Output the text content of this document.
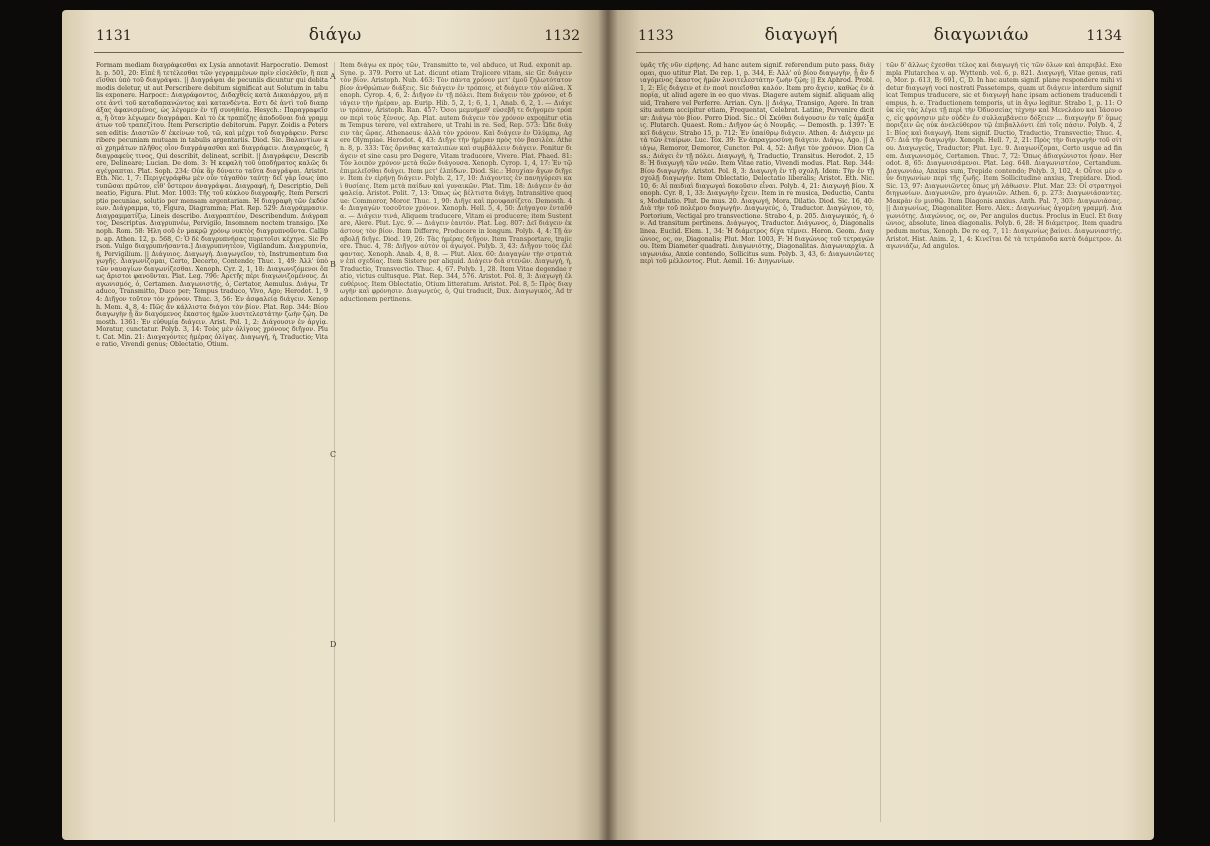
1131	διάγω	1132
Formam mediam διαγράφεσθαι ex Lysia annotavit Harpocratio. Demosth. p. 501, 20: Εἰπέ ἢ τετέλεσθαι τῶν γεγραμμένων πρὶν εἰσελθεῖν, ἢ πεπεῖσθαι ὑπὸ τοῦ διαγράψαι. || Διαγράψαι de pecuniis dicuntur qui debita modis deletur, ut aut Perscribere debitum significat aut Solutum in tabulis exponere. Harpocr.: Διαγράφοντος, Διδαχθείς κατὰ Δικαιάρχου, μή ποτε ἀντὶ τοῦ καταδαπανώντος καὶ κατανδέντα. Εστι δὲ ἀντὶ τοῦ διαπράξας ἀφανισμένος, ὡς λέγομεν ἐν τῇ συνηθείᾳ. Hesych.: Παραγραφεῖσα, ἢ ὅταν λέγωμεν διαγράφαι. Καὶ τὸ ἐκ τραπέζης ἀποδοῦναι διὰ γραμμάτων τοῦ τραπεζίτου. Item Perscriptio debitorum. Papyr. Zoidis a Peterssen editis: Διαστῶν δ' ἐκείνων τοῦ, τῶ, καὶ μέχρι τοῦ διαγράφειν. Perscribere pecuniam mutuam in tabulis argentariis. Diod. Sic. Βαλαντίων καὶ χρημάτων πλῆθος οἷον διαγράψασθαι καὶ διαγράφειν. Διαγραφεὺς, ἢ διαγραφεὺς τινος, Qui describit, delineat, scribit. || Διαγράφειν, Describere, Delineare; Lucian. De dom. 3: Ἡ κεφαλὴ τοῦ ὑποδήματος καλῶς διαγέγραπται. Plat. Soph. 234: Οὐκ ἂν δύναιτο ταῦτα διαγράψαι. Aristot. Eth. Nic. 1, 7: Περιγεγράφθω μὲν οὖν τἀγαθὸν ταύτῃ· δεῖ γὰρ ἴσως ὑποτυπῶσαι πρῶτον, εἶθ' ὕστερον ἀναγράψαι. Διαγραφή, ἡ, Descriptio, Delineatio, Figura. Plut. Mor. 1003: Τῆς τοῦ κύκλου διαγραφῆς. Item Perscriptio pecuniae, solutio per mensam argentariam. Ἡ διαγραφὴ τῶν ἐκδόσεων. Διάγραμμα, τὸ, Figura, Diagramma; Plat. Rep. 529: Διαγράμμασιν. Διαγραμματίζω, Lineis describo. Διαγραπτέον, Describendum. Διάγραπτος, Descriptus. Διαγρυπνέω, Pervigilo, Insomnem noctem transigo. [Xenoph. Rom. 58: Ἡλη σοῦ ἐν μακρῷ χρόνῳ νυκτὸς διαγρυπνοῦντα. Callipp. ap. Athen. 12, p. 568, C: Ὁ δὲ διαγρυπνήσας πυρετοῖσι κέχηνε. Sic Porson. Vulgo διαγρυπνήσαντα.] Διαγρυπνητέον, Vigilandum. Διαγρυπνία, ἡ, Pervigilium. || Διάγυιος. Διαγωγή. Διαγωγεῖον, τὸ, Instrumentum διαγωγῆς. Διαγωνίζομαι, Certo, Decerto, Contendo; Thuc. 1, 49: Ἀλλ' ὑπὸ τῶν ναυαγίων διαγωνίζεσθαι. Xenoph. Cyr. 2, 1, 18: Διαγωνιζόμενοι ὅπως ἄριστοι φανοῦνται. Plat. Leg. 796: Ἀρετῆς πέρι διαγωνιζομένους. Διαγωνισμός, ὁ, Certamen. Διαγωνιστής, ὁ, Certator, Aemulus. Διάγω, Traduco, Transmitto, Duco per; Tempus traduco, Vivo, Ago; Herodot. 1, 94: Διῆγον τοῦτον τὸν χρόνον. Thuc. 3, 56: Ἐν ἀσφαλείᾳ διάγειν. Xenoph. Mem. 4, 8, 4: Πῶς ἂν κάλλιστα διάγοι τὸν βίον. Plat. Rep. 344: Βίου διαγωγὴν ᾗ ἂν διαγόμενος ἕκαστος ἡμῶν λυσιτελεστάτην ζωὴν ζῴη. Demosth. 1361: Ἐν εὐθυμίᾳ διάγειν. Arist. Pol. 1, 2: Διάγουσιν ἐν ἀργίᾳ. Moratur, cunctatur. Polyb. 3, 14: Τοὺς μὲν ὀλίγους χρόνους διῆγον. Plut. Cat. Min. 21: Διαγαγόντες ἡμέρας ὀλίγας. Διαγωγή, ἡ, Traductio; Vitae ratio, Vivendi genus; Oblectatio, Otium.
A
B
C
D
Item διάγω ex πρὸς τῶν, Transmitto te, vel abduco, ut Rud. exponit ap. Syne. p. 379. Porro ut Lat. dicunt etiam Trajicere vitam, sic Gr. διάγειν τὸν βίον. Aristoph. Nub. 463: Τὸν πάντα χρόνον μετ' ἐμοῦ ζηλωτότατον βίον ἀνθρώπων διάξεις. Sic διάγειν ἐν τρόποις, et διάγειν τὸν αἰῶνα. Xenoph. Cyrop. 4, 6, 2: Διῆγον ἐν τῇ πόλει. Item διάγειν τὸν χρόνον, et διάγειν τὴν ἡμέραν, ap. Eurip. Hib. 5, 2, 1; 6, 1, 1, Anab. 6, 2, 1. — Διάγειν τρόπον, Aristoph. Ran. 457: Ὅσοι μεμυήμεθ' εὐσεβῆ τε διήγομεν τρόπον περὶ τοὺς ξένους. Ap. Plat. autem διάγειν τὸν χρόνον exponitur etiam Tempus terere, vel extrahere, ut Trahi in re. Sed, Rep. 573: Ὧδε διάγειν τὰς ὥρας. Athenaeus: ἀλλὰ τὸν χρόνον. Καὶ διάγειν ἐν Ὀλύμπῳ, Agere Olympiae. Herodot. 4, 43: Διῆγε τὴν ἡμέραν πρὸς τὸν βασιλέα. Athen. 8, p. 333: Τὰς ὄρνιθας καταλιπὼν καὶ συμβάλλειν διάγειν. Ponitur διάγειν et sine casu pro Degere, Vitam traducere, Vivere. Plat. Phaed. 81: Τὸν λοιπὸν χρόνον μετὰ θεῶν διάγουσα. Xenoph. Cyrop. 1, 4, 17: Ἐν τῷ ἐπιμελεῖσθαι διάγει. Item μετ' ἐλπίδων. Diod. Sic.: Ἡσυχίαν ἄγων διῆγεν. Item ἐν εἰρήνῃ διάγειν. Polyb. 2, 17, 10: Διάγοντες ἐν πανηγύρεσι καὶ θυσίαις. Item μετὰ παίδων καὶ γυναικῶν. Plat. Tim. 18: Διάγειν ἐν ἀσφαλείᾳ. Aristot. Polit. 7, 13: Ὅπως ὡς βέλτιστα διάγῃ. Intransitive quoque: Commoror, Moror. Thuc. 1, 90: Διῆγε καὶ προυφασίζετο. Demosth. 44: Διαγαγὼν τοσοῦτον χρόνον. Xenoph. Hell. 5, 4, 50: Διήγαγον ἐνταῦθα. — Διάγειν τινά, Aliquem traducere, Vitam ei producere; item Sustentare, Alere. Plut. Lyc. 9. — Διάγειν ἑαυτόν. Plat. Leg. 807: Δεῖ διάγειν ἑκάστους τὸν βίον. Item Differre, Producere in longum. Polyb. 4, 4: Τῇ ἀναβολῇ διῆγε. Diod. 19, 26: Τὰς ἡμέρας διῆγον. Item Transportare, trajicere. Thuc. 4, 78: Διῆγον αὐτὸν οἱ ἀγωγοί. Polyb. 3, 43: Διῆγον τοὺς ἐλέφαντας. Xenoph. Anab. 4, 8, 8. — Plut. Alex. 60: Διαγαγὼν τὴν στρατιὰν ἐπὶ σχεδίας. Item Sistere per aliquid. Διάγειν διὰ στενῶν. Διαγωγή, ἡ, Traductio, Transvectio. Thuc. 4, 67. Polyb. 1, 28. Item Vitae degendae ratio, victus cultusque. Plat. Rep. 344, 576. Aristot. Pol. 8, 3: Διαγωγὴ ἐλευθέριος. Item Oblectatio, Otium litteratum. Aristot. Pol. 8, 5: Πρὸς διαγωγὴν καὶ φρόνησιν. Διαγωγεύς, ὁ, Qui traducit, Dux. Διαγωγικός, Ad traductionem pertinens.
1133	διαγωγή	διαγωνιάω	1134
ὑμᾶς τῆς νῦν εἰρήνης. Ad hanc autem signif. referendum puto pass. διάγομαι, quo utitur Plat. De rep. 1, p. 344, E: Ἀλλ' οὐ βίου διαγωγὴν, ᾗ ἂν διαγόμενος ἕκαστος ἡμῶν λυσιτελεστάτην ζωὴν ζῴη; || Ex Aphrod. Probl. 1, 2: Εἰς διάγειν et ἐν ποσὶ ποιεῖσθαι καλόν. Item pro ἄγειν, καθὼς ἐν ἀπορίᾳ, ut aliud agere in eo quo vivas. Diagere autem signif. aliquam aliquid, Trahere vel Perferre. Arrian. Cyn. || Διάγω, Transigo, Agere. In transitu autem accipitur etiam, Frequentat, Celebrat. Latine, Pervenire dicitur: Διάγω τὸν βίον. Porro Diod. Sic.: Οἱ Σκύθαι διάγουσιν ἐν ταῖς ἁμάξαις. Plutarch. Quaest. Rom.: Διῆγον ὡς ὁ Νουμᾶς. — Demosth. p. 1397: Ἐκεῖ διάγειν. Strabo 15, p. 712: Ἐν ὑπαίθρῳ διάγειν. Athen. 4: Διάγειν μετὰ τῶν ἑταίρων. Luc. Tox. 39: Ἐν ἀπραγμοσύνῃ διάγειν. Διάγω, Ago. || Διάγω, Remoror, Demoror, Cunctor. Pol. 4, 52: Διῆγε τὸν χρόνον. Dion Cass.: Διάγει ἐν τῇ πόλει. Διαγωγή, ἡ, Traductio, Transitus. Herodot. 2, 158: Ἡ διαγωγὴ τῶν νεῶν. Item Vitae ratio, Vivendi modus. Plat. Rep. 344: Βίου διαγωγήν. Aristot. Pol. 8, 3: Διαγωγὴ ἐν τῇ σχολῇ. Idem: Τὴν ἐν τῇ σχολῇ διαγωγήν. Item Oblectatio, Delectatio liberalis; Aristot. Eth. Nic. 10, 6: Αἱ παιδιαὶ διαγωγαὶ δοκοῦσιν εἶναι. Polyb. 4, 21: Διαγωγὴ βίου. Xenoph. Cyr. 8, 1, 33: Διαγωγὴν ἔχειν. Item in re musica, Deductio, Cantus, Modulatio. Plut. De mus. 20. Διαγωγή, Mora, Dilatio. Diod. Sic. 16, 40: Διὰ τὴν τοῦ πολέμου διαγωγήν. Διαγωγεύς, ὁ, Traductor. Διαγώγιον, τὸ, Portorium, Vectigal pro transvectione. Strabo 4, p. 205. Διαγωγικός, ή, όν. Ad transitum pertinens. Διάγωγος, Traductor. Διάγωνος, ὁ, Diagonalis linea. Euclid. Elem. 1, 34: Ἡ διάμετρος δίχα τέμνει. Heron. Geom. Διαγώνιος, ος, ον, Diagonalis; Plut. Mor. 1003, F: Ἡ διαγώνιος τοῦ τετραγώνου. Item Diameter quadrati. Διαγωνιότης, Diagonalitas. Διαγωνιαρχία. Διαγωνιάω, Anxie contendo, Sollicitus sum. Polyb. 3, 43, 6: Διαγωνιῶντες περὶ τοῦ μέλλοντος. Plut. Aemil. 16: Διηγωνίων.
τῶν δ' ἄλλως ἔχεσθαι τέλος καὶ διαγωγή τίς τῶν ὅλων καὶ ἀπεριβλέ. Exempla Plutarchea v. ap. Wyttenb. vol. 6, p. 821. Διαγωγή, Vitae genus, ratio, Mor. p. 613, B; 691, C, D. In hac autem signif. plane respondere mihi videtur διαγωγή voci nostrati Passetemps, quam ut διάγειν interdum significat Tempus traducere, sic et διαγωγή hanc ipsam actionem traducendi tempus, h. e. Traductionem temporis, ut in ἄγω legitur. Strabo 1, p. 11: Οὐκ εἰς τὰς λέγει τῇ περὶ τὴν Ὀδυσσείας τέχνην καὶ Μενελάου καὶ Ἰάσονος, εἰς φρόνησιν μὲν οὐδὲν ἐν συλλαμβάνειν δόξειεν ... διαγωγὴν δ' ὅμως ποριζειν ὥς οὐκ ἀνελεύθερον τῷ ἐπιβαλλόντι ἐπὶ τοῖς πάσιν. Polyb. 4, 21: Βίος καὶ διαγωγή. Item signif. Ductio, Traductio, Transvectio; Thuc. 4, 67: Διὰ τὴν διαγωγήν. Xenoph. Hell. 7, 2, 21: Πρὸς τὴν διαγωγὴν τοῦ σίτου. Διαγωγεύς, Traductor; Plut. Lyc. 9. Διαγωνίζομαι, Certo usque ad finem. Διαγωνισμός, Certamen. Thuc. 7, 72: Ὅπως ἀδιαγώνιστοι ἦσαν. Herodot. 8, 65: Διαγωνισάμενοι. Plat. Leg. 648. Διαγωνιστέον, Certandum. Διαγωνιάω, Anxius sum, Trepide contendo; Polyb. 3, 102, 4: Οὗτοι μὲν οὖν διηγωνίων περὶ τῆς ζωῆς. Item Sollicitudine anxius, Trepidare. Diod. Sic. 13, 97: Διαγωνιῶντες ὅπως μὴ λάθωσιν. Plut. Mar. 23: Οἱ στρατηγοὶ διηγωνίων. Διαγωνιῶν, pro ἀγωνιῶν. Athen. 6, p. 273: Διαγωνιάσαντες. Μακρὰν ἐν μισθῷ. Item Diagonis anxius. Anth. Pal. 7, 303: Διαγωνιάσας. || Διαγωνίως, Diagonaliter. Hero. Alex.: Διαγωνίως ἀγομένη γραμμή. Διαγωνιότης. Διαγώνιος, ος, ον, Per angulos ductus. Proclus in Eucl. Et διαγώνιος, absolute, linea diagonalis. Polyb. 6, 28: Ἡ διάμετρος. Item quadrupedum motus, Xenoph. De re eq. 7, 11: Διαγωνίως βαίνει. Διαγωνιαστής. Aristot. Hist. Anim. 2, 1, 4: Κινεῖται δὲ τὰ τετράποδα κατὰ διάμετρον. Διαγωνιάζω, Ad angulos.
